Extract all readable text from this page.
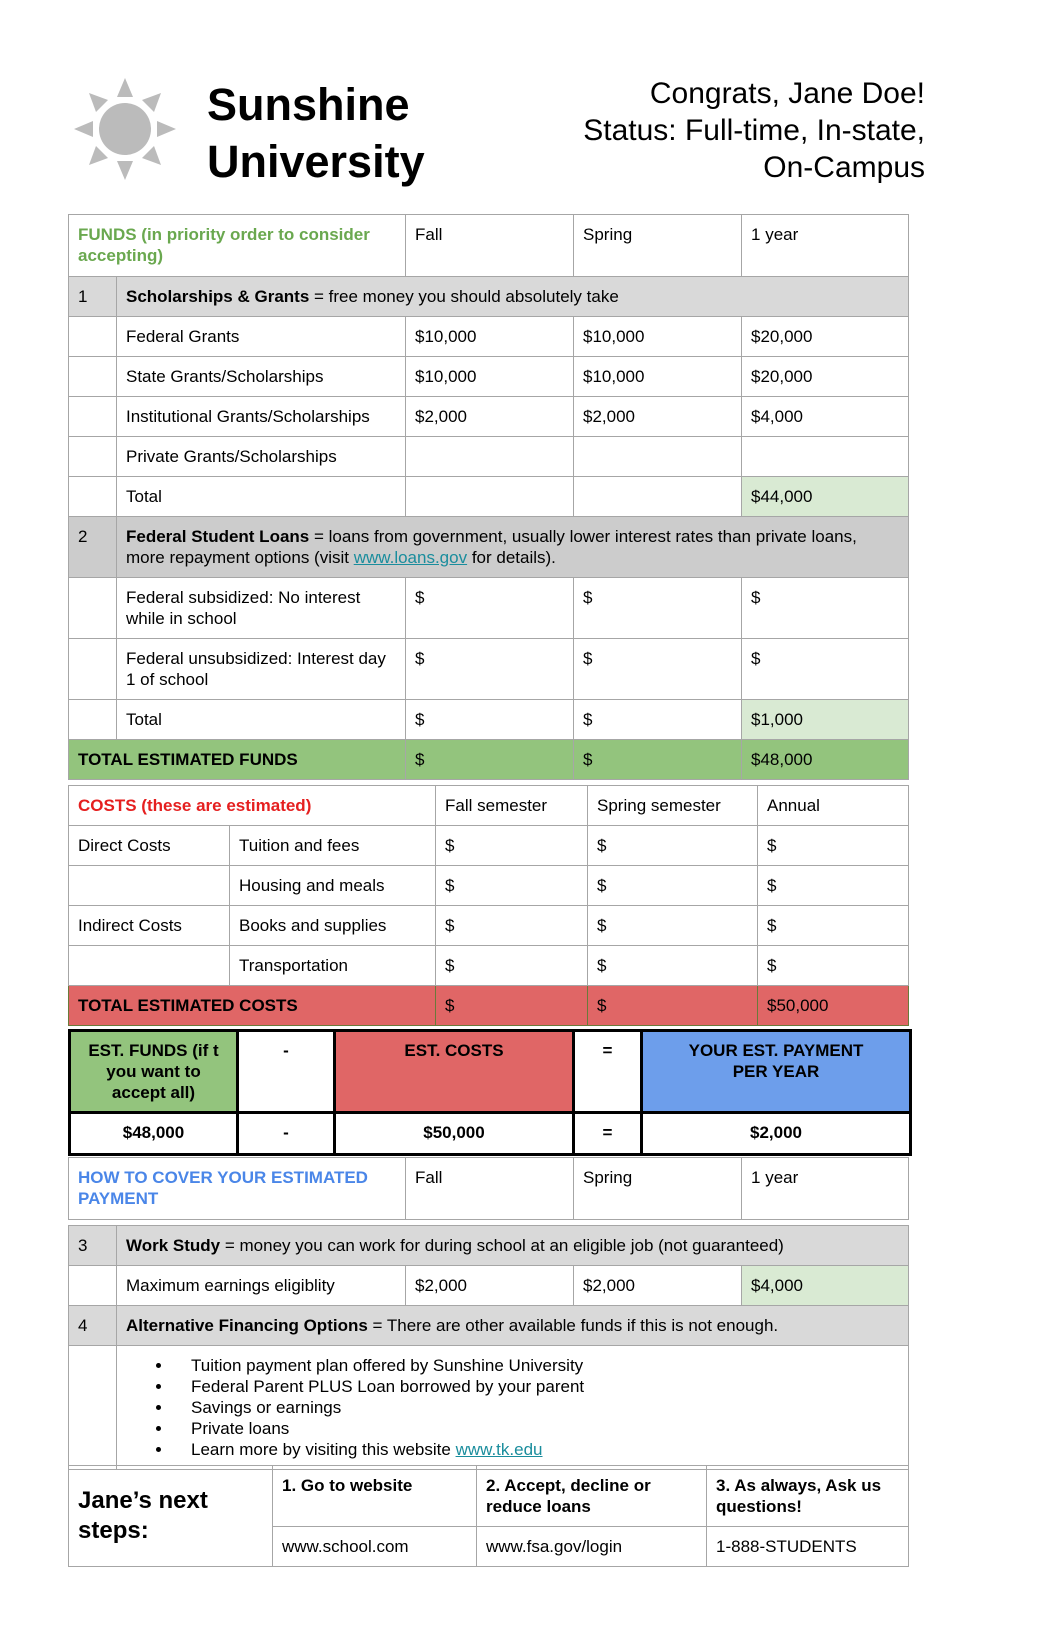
Sunshine
University
Congrats, Jane Doe!
Status: Full-time, In-state,
On-Campus
FUNDS (in priority order to consider accepting)		Fall	Spring	1 year
1	Scholarships & Grants = free money you should absolutely take			
	Federal Grants	$10,000	$10,000	$20,000
	State Grants/Scholarships	$10,000	$10,000	$20,000
	Institutional Grants/Scholarships	$2,000	$2,000	$4,000
	Private Grants/Scholarships			
	Total			$44,000
2	Federal Student Loans = loans from government, usually lower interest rates than private loans, more repayment options (visit www.loans.gov for details).			
	Federal subsidized: No interest while in school	$	$	$
	Federal unsubsidized: Interest day 1 of school	$	$	$
	Total	$	$	$1,000
TOTAL ESTIMATED FUNDS		$	$	$48,000
COSTS (these are estimated)		Fall semester	Spring semester	Annual
Direct Costs	Tuition and fees	$	$	$
	Housing and meals	$	$	$
Indirect Costs	Books and supplies	$	$	$
	Transportation	$	$	$
TOTAL ESTIMATED COSTS		$	$	$50,000
EST. FUNDS (if t you want to accept all)	-	EST. COSTS	=	YOUR EST. PAYMENT PER YEAR
$48,000	-	$50,000	=	$2,000
HOW TO COVER YOUR ESTIMATED PAYMENT		Fall	Spring	1 year

3	Work Study = money you can work for during school at an eligible job (not guaranteed)			
	Maximum earnings eligiblity	$2,000	$2,000	$4,000
4	Alternative Financing Options = There are other available funds if this is not enough.			

• Tuition payment plan offered by Sunshine University
• Federal Parent PLUS Loan borrowed by your parent
• Savings or earnings
• Private loans
• Learn more by visiting this website www.tk.edu
Jane’s next steps:	1. Go to website	2. Accept, decline or reduce loans	3. As always, Ask us questions!
	www.school.com	www.fsa.gov/login	1-888-STUDENTS
